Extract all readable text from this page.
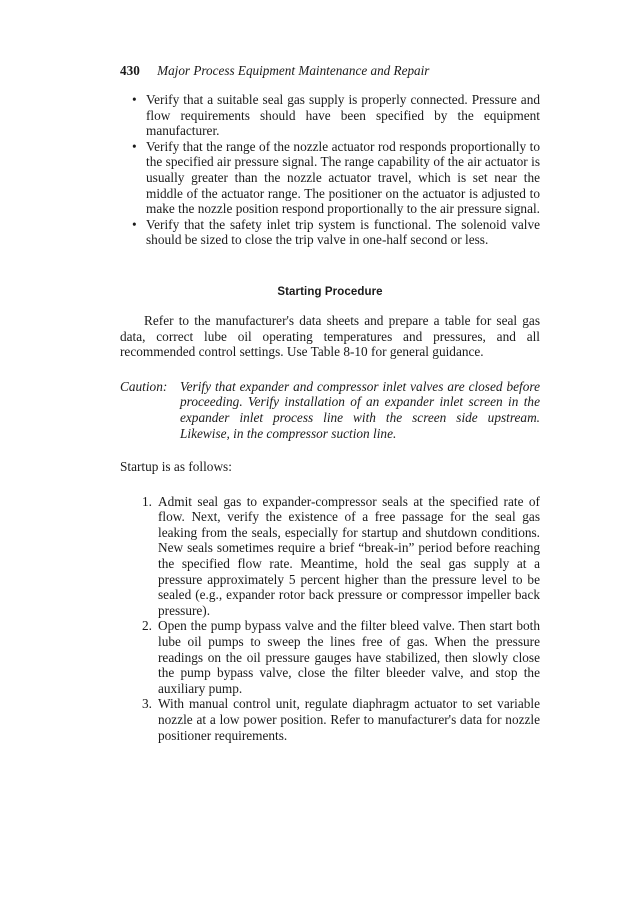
430 Major Process Equipment Maintenance and Repair
• Verify that a suitable seal gas supply is properly connected. Pressure and flow requirements should have been specified by the equipment manufacturer.
• Verify that the range of the nozzle actuator rod responds proportionally to the specified air pressure signal. The range capability of the air actuator is usually greater than the nozzle actuator travel, which is set near the middle of the actuator range. The positioner on the actuator is adjusted to make the nozzle position respond proportionally to the air pressure signal.
• Verify that the safety inlet trip system is functional. The solenoid valve should be sized to close the trip valve in one-half second or less.
Starting Procedure

Refer to the manufacturer's data sheets and prepare a table for seal gas data, correct lube oil operating temperatures and pressures, and all recommended control settings. Use Table 8-10 for general guidance.

Caution: Verify that expander and compressor inlet valves are closed before proceeding. Verify installation of an expander inlet screen in the expander inlet process line with the screen side upstream. Likewise, in the compressor suction line.
Startup is as follows:
1. Admit seal gas to expander-compressor seals at the specified rate of flow. Next, verify the existence of a free passage for the seal gas leaking from the seals, especially for startup and shutdown conditions. New seals sometimes require a brief “break-in” period before reaching the specified flow rate. Meantime, hold the seal gas supply at a pressure approximately 5 percent higher than the pressure level to be sealed (e.g., expander rotor back pressure or compressor impeller back pressure).
2. Open the pump bypass valve and the filter bleed valve. Then start both lube oil pumps to sweep the lines free of gas. When the pressure readings on the oil pressure gauges have stabilized, then slowly close the pump bypass valve, close the filter bleeder valve, and stop the auxiliary pump.
3. With manual control unit, regulate diaphragm actuator to set variable nozzle at a low power position. Refer to manufacturer's data for nozzle positioner requirements.
